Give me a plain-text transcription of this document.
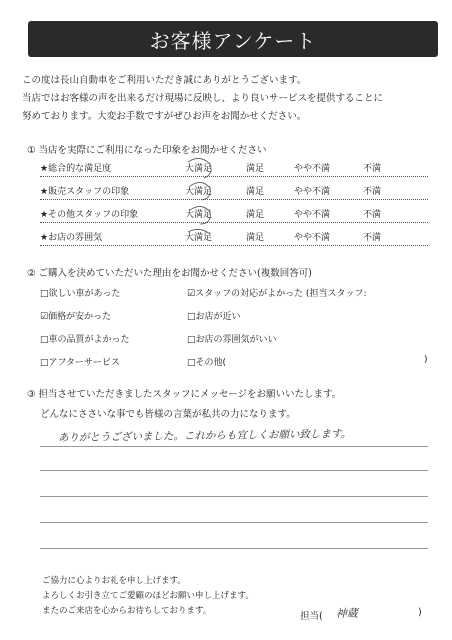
お客様アンケート
この度は長山自動車をご利用いただき誠にありがとうございます。
当店ではお客様の声を出来るだけ現場に反映し、より良いサービスを提供することに
努めております。大変お手数ですがぜひお声をお聞かせください。
① 当店を実際にご利用になった印象をお聞かせください
★総合的な満足度	大満足	満足	やや不満	不満
★販売スタッフの印象	大満足	満足	やや不満	不満
★その他スタッフの印象	大満足	満足	やや不満	不満
★お店の雰囲気	大満足	満足	やや不満	不満
② ご購入を決めていただいた理由をお聞かせください(複数回答可)
□欲しい車があった
☑価格が安かった
□車の品質がよかった
□アフターサービス
☑スタッフの対応がよかった (担当スタッフ:
□お店が近い
□お店の雰囲気がいい
□その他(	)
③ 担当させていただきましたスタッフにメッセージをお願いいたします。
どんなにささいな事でも皆様の言葉が私共の力になります。
ありがとうございました。これからも宜しくお願い致します。
ご協力に心よりお礼を申し上げます。
よろしくお引き立てご愛顧のほどお願い申し上げます。
またのご来店を心からお待ちしております。	担当( 神蔵	)
